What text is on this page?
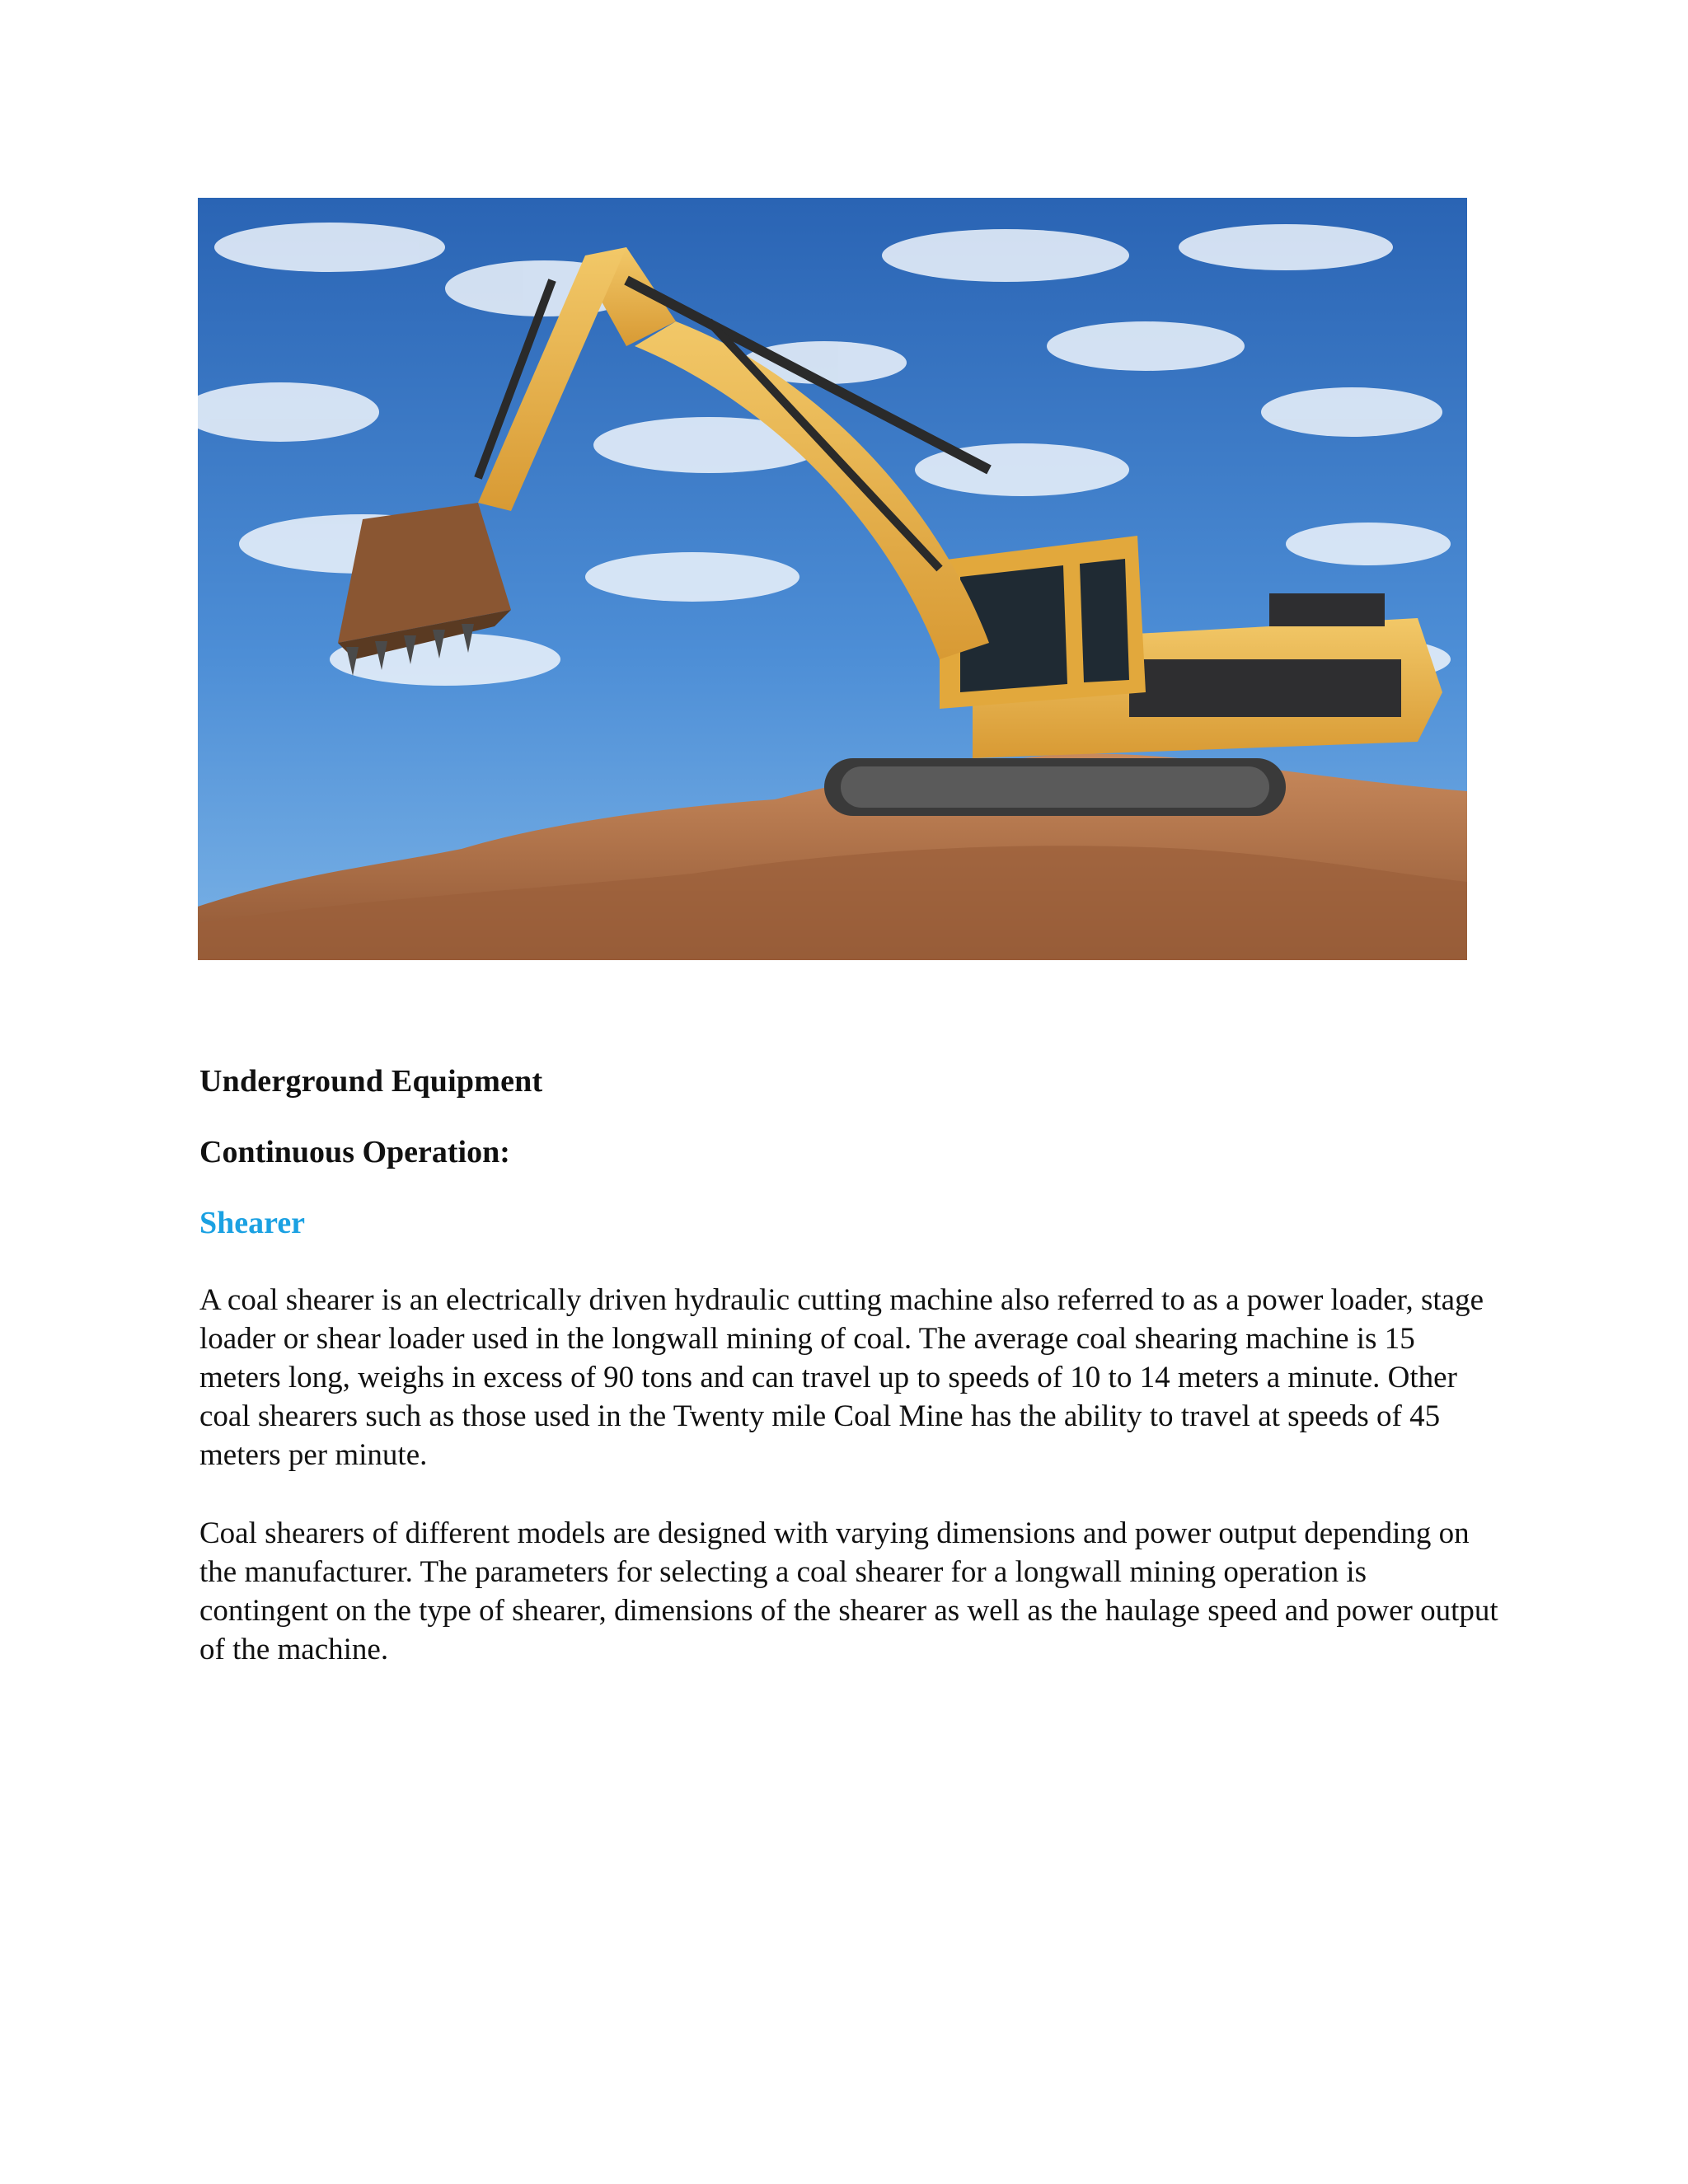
Underground Equipment
Continuous Operation:
Shearer

A coal shearer is an electrically driven hydraulic cutting machine also referred to as a power loader, stage loader or shear loader used in the longwall mining of coal. The average coal shearing machine is 15 meters long, weighs in excess of 90 tons and can travel up to speeds of 10 to 14 meters a minute. Other coal shearers such as those used in the Twenty mile Coal Mine has the ability to travel at speeds of 45 meters per minute.

Coal shearers of different models are designed with varying dimensions and power output depending on the manufacturer. The parameters for selecting a coal shearer for a longwall mining operation is contingent on the type of shearer, dimensions of the shearer as well as the haulage speed and power output of the machine.
